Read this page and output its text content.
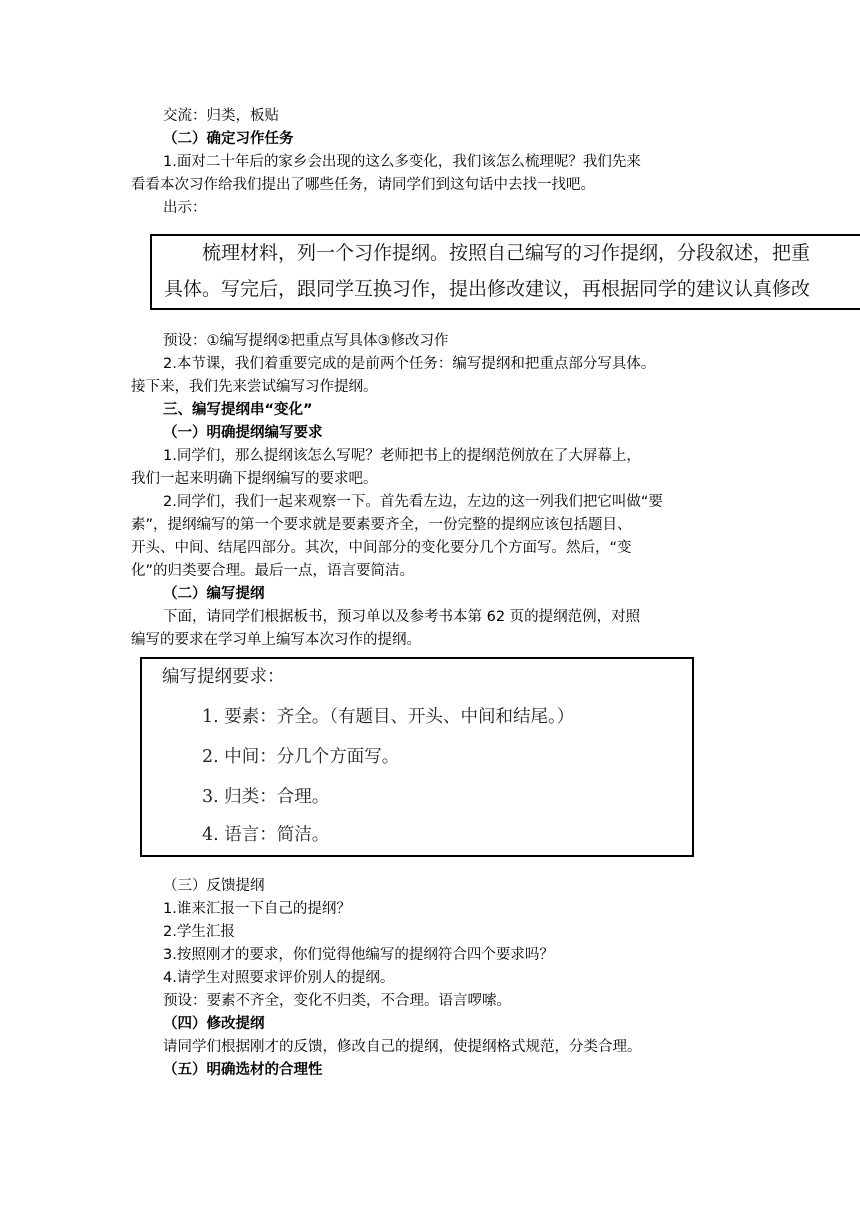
交流：归类，板贴
（二）确定习作任务
1.面对二十年后的家乡会出现的这么多变化，我们该怎么梳理呢？我们先来
看看本次习作给我们提出了哪些任务，请同学们到这句话中去找一找吧。
出示：
预设：①编写提纲②把重点写具体③修改习作
2.本节课，我们着重要完成的是前两个任务：编写提纲和把重点部分写具体。
接下来，我们先来尝试编写习作提纲。
三、编写提纲串“变化”
（一）明确提纲编写要求
1.同学们，那么提纲该怎么写呢？老师把书上的提纲范例放在了大屏幕上，
我们一起来明确下提纲编写的要求吧。
2.同学们，我们一起来观察一下。首先看左边，左边的这一列我们把它叫做“要
素”，提纲编写的第一个要求就是要素要齐全，一份完整的提纲应该包括题目、
开头、中间、结尾四部分。其次，中间部分的变化要分几个方面写。然后，“变
化”的归类要合理。最后一点，语言要简洁。
（二）编写提纲
下面，请同学们根据板书，预习单以及参考书本第 62 页的提纲范例，对照
编写的要求在学习单上编写本次习作的提纲。
（三）反馈提纲
1.谁来汇报一下自己的提纲？
2.学生汇报
3.按照刚才的要求，你们觉得他编写的提纲符合四个要求吗？
4.请学生对照要求评价别人的提纲。
预设：要素不齐全，变化不归类，不合理。语言啰嗦。
（四）修改提纲
请同学们根据刚才的反馈，修改自己的提纲，使提纲格式规范，分类合理。
（五）明确选材的合理性
梳理材料，列一个习作提纲。按照自己编写的习作提纲，分段叙述，把重
具体。写完后，跟同学互换习作，提出修改建议，再根据同学的建议认真修改
编写提纲要求：
1. 要素：齐全。（有题目、开头、中间和结尾。）
2. 中间：分几个方面写。
3. 归类：合理。
4. 语言：简洁。
